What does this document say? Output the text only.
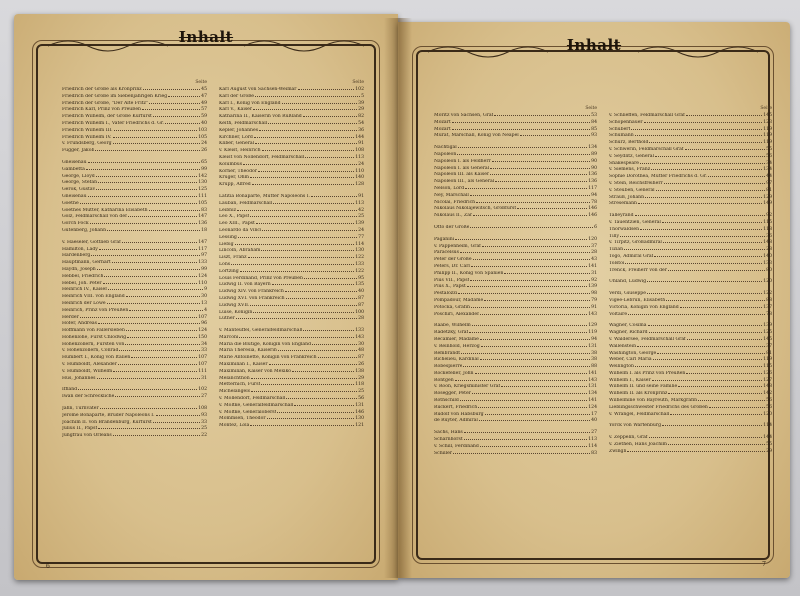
Inhalt
Seite
Friedrich der Große als Kronprinz	45
Friedrich der Große im Siebenjährigen Krieg	47
Friedrich der Große, "Der Alte Fritz"	49
Friedrich Karl, Prinz von Preußen	57
Friedrich Wilhelm, der Große Kurfürst	59
Friedrich Wilhelm I., Vater Friedrichs d. Gr.	40
Friedrich Wilhelm III.	103
Friedrich Wilhelm IV.	105
v. Frundsberg, Georg	24
Fugger, Jakob	26
Gneisenau	65
Gambetta	99
George, Lloyd	142
George, Stefan	130
Gerok, Gustav	125
Gneisenau	111
Goethe	105
Goethes Mutter, Katharina Elisabeth	83
Golz, Feldmarschall von der	147
Gorch Fock	136
Gutenberg, Johann	18
v. Haeseler, Gottlieb Graf	147
Hamilton, Lady	117
Hardenberg	97
Hauptmann, Gerhart	133
Haydn, Joseph	99
Hebbel, Friedrich	124
Hebel, Joh. Peter	110
Heinrich IV., Kaiser	9
Heinrich VIII. von England	30
Heinrich der Löwe	13
Heinrich, Prinz von Preußen	4
Herder	107
Hofer, Andreas	96
Hoffmann von Fallersleben	124
Hohenlohe, Fürst Chlodwig	150
Hohenzollern, Fürsten von	34
v. Hohenzollern, Conrad	33
Humbert I., König von Italien	107
v. Humboldt, Alexander	107
v. Humboldt, Wilhelm	111
Hus, Johannes	31
Iffland	102
Iwan der Schreckliche	27
Jahn, Turnvater	108
Jérome Bonaparte, Bruder Napoleons I.	93
Joachim II. von Brandenburg, Kurfürst	33
Julius II., Papst	25
Jungfrau von Orléans	22
Seite
Karl August von Sachsen-Weimar	102
Karl der Große	5
Karl I., König von England	39
Karl V., Kaiser	29
Katharina II., Kaiserin von Rußland	82
Keith, Feldmarschall	54
Kepler, Johannes	36
Kirchner, Lord	144
Kliber, General	91
v. Kleist, Heinrich	108
Kleist von Nollendorf, Feldmarschall	113
Kolumbus	24
Körner, Theodor	110
Krüger, Ohm	140
Krupp, Alfred	128
Lätitia Bonaparte, Mutter Napoleons I.	91
Lauban, Feldmarschall	113
Leibniz	42
Leo X., Papst	25
Leo XIII., Papst	139
Leonardo da Vinci	24
Lessing	77
Liebig	114
Lincoln, Abraham	130
Liszt, Franz	122
Löns	133
Lortzing	122
Louis Ferdinand, Prinz von Preußen	95
Ludwig II. von Bayern	135
Ludwig XIV. von Frankreich	40
Ludwig XVI. von Frankreich	87
Ludwig XVII.	87
Luise, Königin	100
Luther	28
v. Manteuffel, Generalfeldmarschall	133
Marconi	143
Maria die Blutige, Königin von England	30
Maria Theresia, Kaiserin	48
Marie Antoinette, Königin von Frankreich	87
Maximilian I., Kaiser	26
Maximilian, Kaiser von Mexiko	138
Melanchthon	29
Metternich, Fürst	118
Michelangelo	25
v. Möllendorf, Feldmarschall	56
v. Moltke, Generalfeldmarschall	131
v. Moltke, Generaloberst	146
Mommsen, Theodor	130
Montez, Lola	121
6
Inhalt
Seite
Moritz von Sachsen, Graf	53
Mozart	84
Mozart	85
Murat, Marschall, König von Neapel	93
Nachtigal	134
Napoleon	89
Napoleon I. als Feldherr	90
Napoleon I. als General	90
Napoleon III. als Kaiser	136
Napoleon III., als General	136
Nelson, Lord	117
Ney, Marschall	94
Nicolai, Friedrich	78
Nikolaus Nikolajewitsch, Großfürst	146
Nikolaus II., Zar	146
Otto der Große	6
Paganini	120
v. Pappenheim, Graf	37
Paracelsus	28
Peter der Große	43
Peters, Dr. Carl	141
Philipp II., König von Spanien	31
Pius VII., Papst	92
Pius X., Papst	139
Pestalozzi	98
Pompadour, Madame	79
Potocka, Gräfin	91
Poschiri, Alexander	143
Raabe, Wilhelm	129
Radetzky, Graf	119
Récamier, Madame	94
v. Reinhold, Herzog	131
Rembrandt	38
Richelieu, Kardinal	38
Robespierre	88
Rockefeller, John	141
Röntgen	143
v. Roon, Kriegsminister Graf	131
Rosegger, Peter	134
Rothschild	141
Rückert, Friedrich	124
Rudolf von Habsburg	17
de Ruyter, Admiral	40
Sachs, Hans	27
Scharnhorst	113
v. Schill, Ferdinand	114
Schiller	83
Seite
v. Schlieffen, Feldmarschall Graf	145
Schopenhauer	123
Schubert	119
Schumann	119
Schurz, Berthold	119
v. Schwerin, Feldmarschall Graf	55
v. Seydlitz, General	56
Shakespeare	34
v. Siemens, Franz	134
Sophie Dorothea, Mutter Friedrichs d. Gr.	44
v. Stein, Reichsfreiherr	97
v. Steuben, General	81
Strauß, Johann	129
Stresemann	149
Talleyrand	92
v. Tauentzien, General	115
Thorwaldsen	118
Tilly	36
v. Tirpitz, Großadmiral	148
Tizian	28
Togo, Admiral Graf	140
Tolstoi	133
Trenck, Freiherr von der	80
Uhland, Ludwig	120
Verdi, Giuseppe	122
Vigée-Lebrun, Elisabeth	88
Victoria, Königin von England	137
Voltaire	78
Wagner, Cosima	139
Wagner, Richard	125
v. Waldersee, Feldmarschall Graf	145
Wallenstein	37
Washington, George	81
Weber, Carl Maria	119
Wellington	115
Wilhelm I. als Prinz von Preußen	126
Wilhelm I., Kaiser	127
Wilhelm II. und seine Familie	148
Wilhelm II. als Kronprinz	142
Wilhelmine von Bayreuth, Markgräfin	56
Lieblingsschwester Friedrichs des Großen	56
v. Wrangel, Feldmarschall	120
Yorck von Wartenburg	114
v. Zeppelin, Graf	144
v. Ziethen, Hans Joachim	55
Zwingli	29
7
